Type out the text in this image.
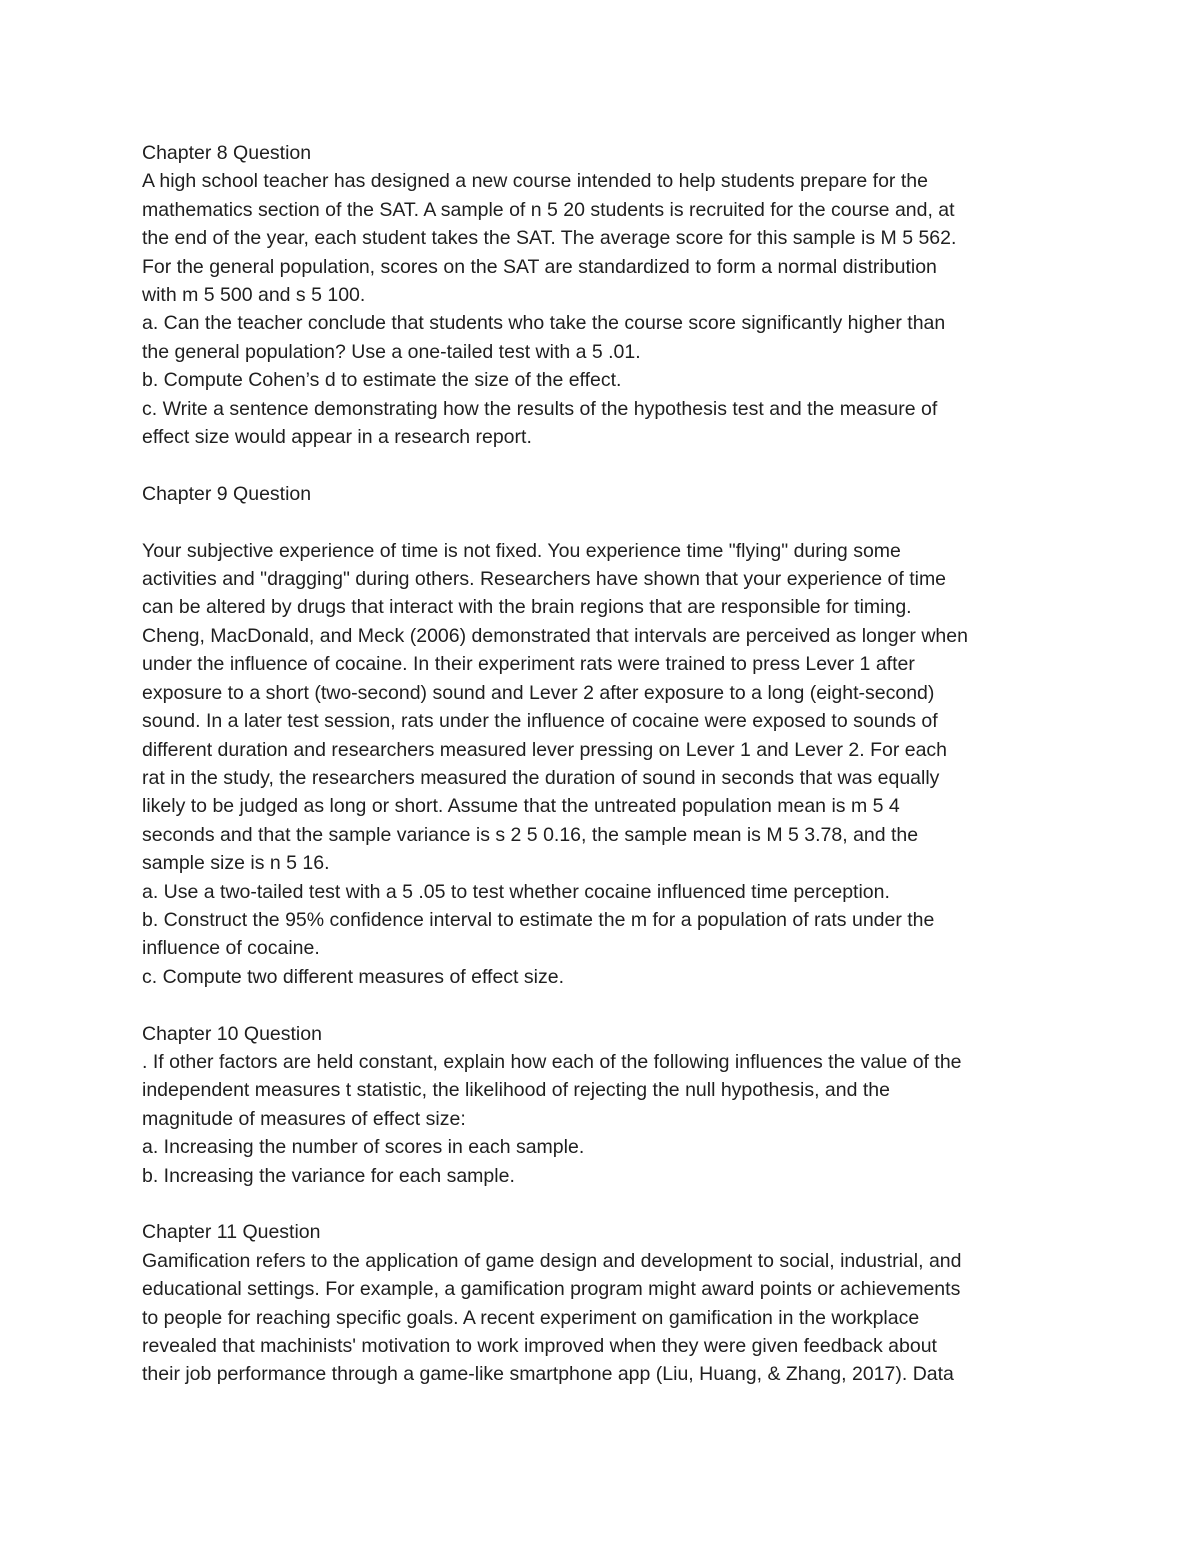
Chapter 8 Question
A high school teacher has designed a new course intended to help students prepare for the
mathematics section of the SAT. A sample of n 5 20 students is recruited for the course and, at
the end of the year, each student takes the SAT. The average score for this sample is M 5 562.
For the general population, scores on the SAT are standardized to form a normal distribution
with m 5 500 and s 5 100.
a. Can the teacher conclude that students who take the course score significantly higher than
the general population? Use a one-tailed test with a 5 .01.
b. Compute Cohen’s d to estimate the size of the effect.
c. Write a sentence demonstrating how the results of the hypothesis test and the measure of
effect size would appear in a research report.
Chapter 9 Question
Your subjective experience of time is not fixed. You experience time "flying" during some
activities and "dragging" during others. Researchers have shown that your experience of time
can be altered by drugs that interact with the brain regions that are responsible for timing.
Cheng, MacDonald, and Meck (2006) demonstrated that intervals are perceived as longer when
under the influence of cocaine. In their experiment rats were trained to press Lever 1 after
exposure to a short (two-second) sound and Lever 2 after exposure to a long (eight-second)
sound. In a later test session, rats under the influence of cocaine were exposed to sounds of
different duration and researchers measured lever pressing on Lever 1 and Lever 2. For each
rat in the study, the researchers measured the duration of sound in seconds that was equally
likely to be judged as long or short. Assume that the untreated population mean is m 5 4
seconds and that the sample variance is s 2 5 0.16, the sample mean is M 5 3.78, and the
sample size is n 5 16.
a. Use a two-tailed test with a 5 .05 to test whether cocaine influenced time perception.
b. Construct the 95% confidence interval to estimate the m for a population of rats under the
influence of cocaine.
c. Compute two different measures of effect size.
Chapter 10 Question
. If other factors are held constant, explain how each of the following influences the value of the
independent measures t statistic, the likelihood of rejecting the null hypothesis, and the
magnitude of measures of effect size:
a. Increasing the number of scores in each sample.
b. Increasing the variance for each sample.
Chapter 11 Question
Gamification refers to the application of game design and development to social, industrial, and
educational settings. For example, a gamification program might award points or achievements
to people for reaching specific goals. A recent experiment on gamification in the workplace
revealed that machinists' motivation to work improved when they were given feedback about
their job performance through a game-like smartphone app (Liu, Huang, & Zhang, 2017). Data
